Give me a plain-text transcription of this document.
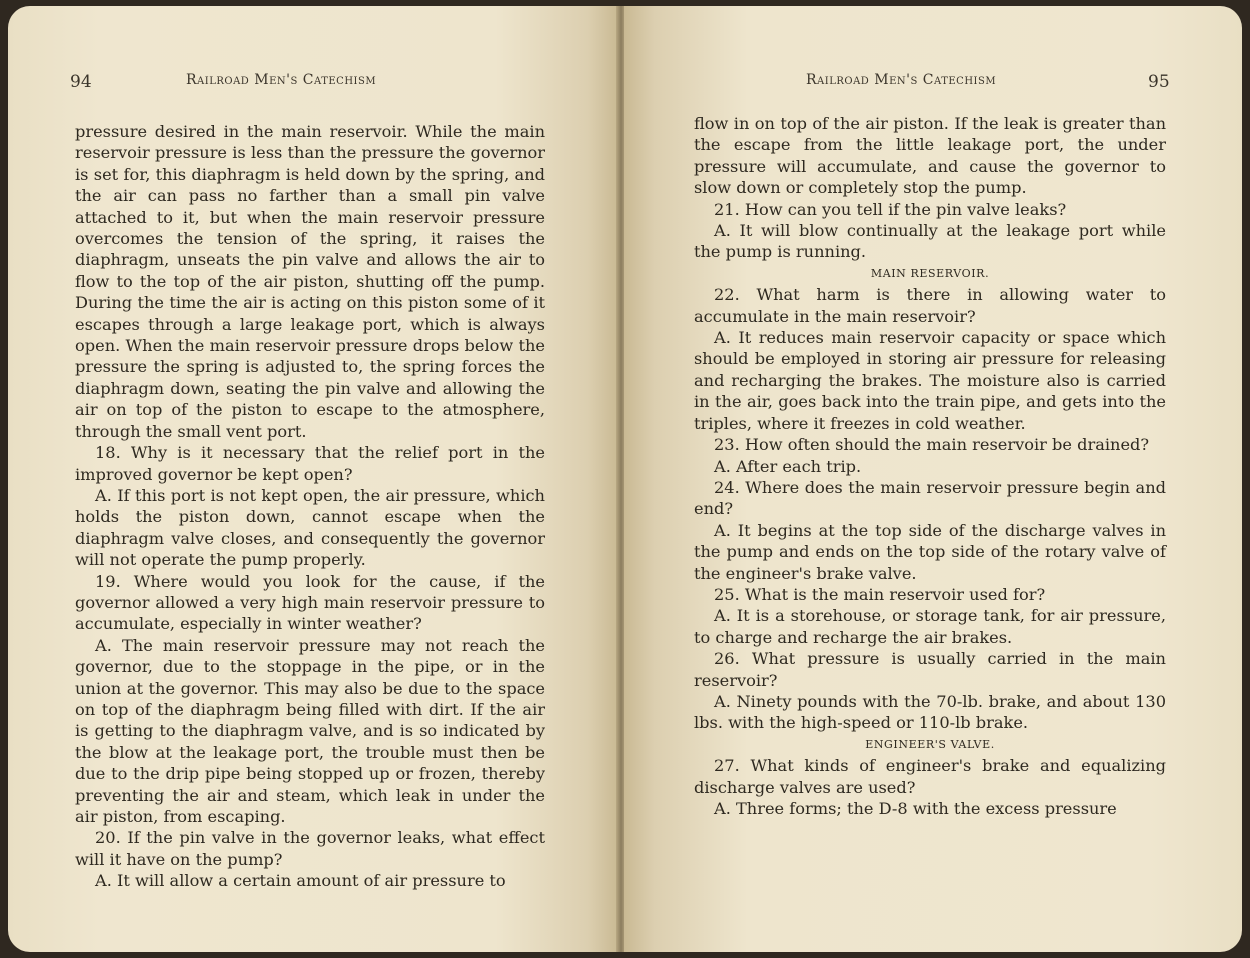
94	Railroad Men's Catechism

pressure desired in the main reservoir. While the main reservoir pressure is less than the pressure the governor is set for, this diaphragm is held down by the spring, and the air can pass no farther than a small pin valve attached to it, but when the main reservoir pressure overcomes the tension of the spring, it raises the diaphragm, unseats the pin valve and allows the air to flow to the top of the air piston, shutting off the pump. During the time the air is acting on this piston some of it escapes through a large leakage port, which is always open. When the main reservoir pressure drops below the pressure the spring is adjusted to, the spring forces the diaphragm down, seating the pin valve and allowing the air on top of the piston to escape to the atmosphere, through the small vent port.

18. Why is it necessary that the relief port in the improved governor be kept open?

A. If this port is not kept open, the air pressure, which holds the piston down, cannot escape when the diaphragm valve closes, and consequently the governor will not operate the pump properly.

19. Where would you look for the cause, if the governor allowed a very high main reservoir pressure to accumulate, especially in winter weather?

A. The main reservoir pressure may not reach the governor, due to the stoppage in the pipe, or in the union at the governor. This may also be due to the space on top of the diaphragm being filled with dirt. If the air is getting to the diaphragm valve, and is so indicated by the blow at the leakage port, the trouble must then be due to the drip pipe being stopped up or frozen, thereby preventing the air and steam, which leak in under the air piston, from escaping.

20. If the pin valve in the governor leaks, what effect will it have on the pump?

A. It will allow a certain amount of air pressure to

Railroad Men's Catechism	95

flow in on top of the air piston. If the leak is greater than the escape from the little leakage port, the under pressure will accumulate, and cause the governor to slow down or completely stop the pump.

21. How can you tell if the pin valve leaks?

A. It will blow continually at the leakage port while the pump is running.

MAIN RESERVOIR.

22. What harm is there in allowing water to accumulate in the main reservoir?

A. It reduces main reservoir capacity or space which should be employed in storing air pressure for releasing and recharging the brakes. The moisture also is carried in the air, goes back into the train pipe, and gets into the triples, where it freezes in cold weather.

23. How often should the main reservoir be drained?

A. After each trip.

24. Where does the main reservoir pressure begin and end?

A. It begins at the top side of the discharge valves in the pump and ends on the top side of the rotary valve of the engineer's brake valve.

25. What is the main reservoir used for?

A. It is a storehouse, or storage tank, for air pressure, to charge and recharge the air brakes.

26. What pressure is usually carried in the main reservoir?

A. Ninety pounds with the 70-lb. brake, and about 130 lbs. with the high-speed or 110-lb brake.

ENGINEER'S VALVE.

27. What kinds of engineer's brake and equalizing discharge valves are used?

A. Three forms; the D-8 with the excess pressure
